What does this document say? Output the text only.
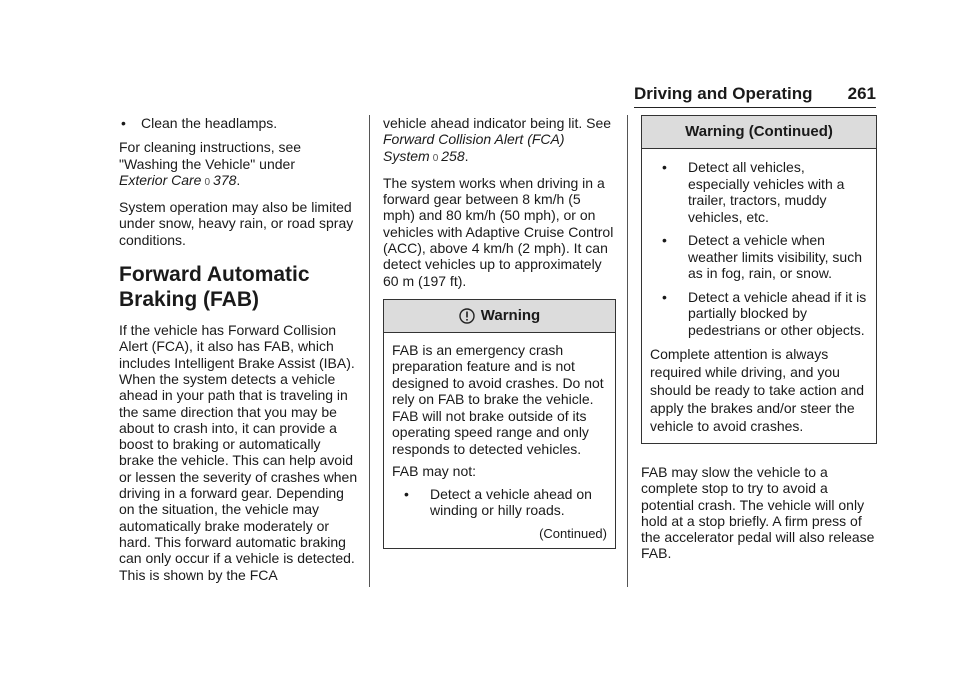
Driving and Operating 261
• Clean the headlamps.

For cleaning instructions, see
"Washing the Vehicle" under
Exterior Care 0 378.

System operation may also be limited under snow, heavy rain, or road spray conditions.

Forward Automatic Braking (FAB)

If the vehicle has Forward Collision Alert (FCA), it also has FAB, which includes Intelligent Brake Assist (IBA). When the system detects a vehicle ahead in your path that is traveling in the same direction that you may be about to crash into, it can provide a boost to braking or automatically brake the vehicle. This can help avoid or lessen the severity of crashes when driving in a forward gear. Depending on the situation, the vehicle may automatically brake moderately or hard. This forward automatic braking can only occur if a vehicle is detected. This is shown by the FCA

vehicle ahead indicator being lit. See Forward Collision Alert (FCA) System 0 258.

The system works when driving in a forward gear between 8 km/h (5 mph) and 80 km/h (50 mph), or on vehicles with Adaptive Cruise Control (ACC), above 4 km/h (2 mph). It can detect vehicles up to approximately 60 m (197 ft).

Warning

FAB is an emergency crash preparation feature and is not designed to avoid crashes. Do not rely on FAB to brake the vehicle. FAB will not brake outside of its operating speed range and only responds to detected vehicles.

FAB may not:

• Detect a vehicle ahead on winding or hilly roads.
(Continued)
Warning (Continued)
• Detect all vehicles, especially vehicles with a trailer, tractors, muddy vehicles, etc.
• Detect a vehicle when weather limits visibility, such as in fog, rain, or snow.
• Detect a vehicle ahead if it is partially blocked by pedestrians or other objects.

Complete attention is always required while driving, and you should be ready to take action and apply the brakes and/or steer the vehicle to avoid crashes.

FAB may slow the vehicle to a complete stop to try to avoid a potential crash. The vehicle will only hold at a stop briefly. A firm press of the accelerator pedal will also release FAB.
